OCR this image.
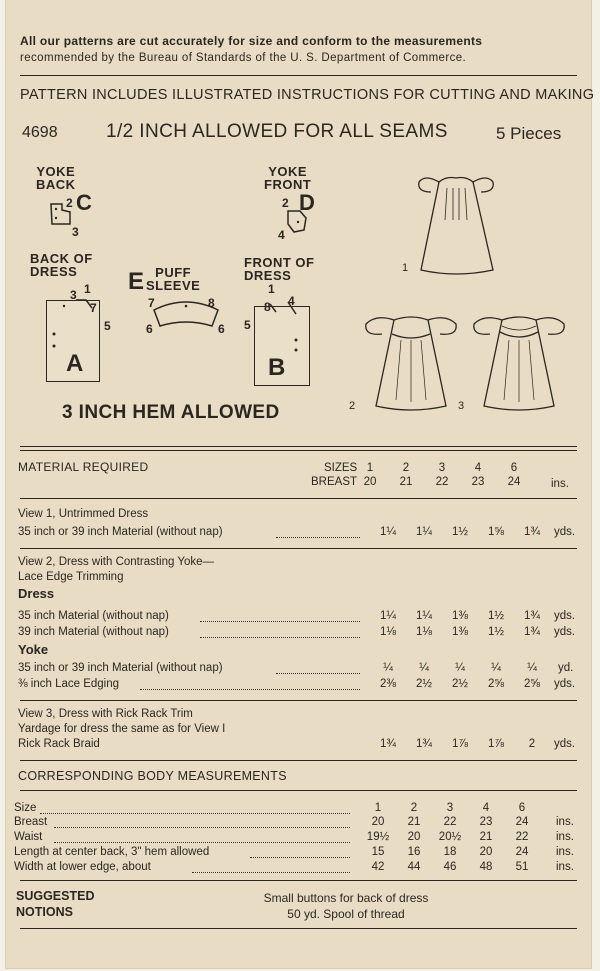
All our patterns are cut accurately for size and conform to the measurements
recommended by the Bureau of Standards of the U. S. Department of Commerce.
PATTERN INCLUDES ILLUSTRATED INSTRUCTIONS FOR CUTTING AND MAKING
4698	1/2 INCH ALLOWED FOR ALL SEAMS	5 Pieces
YOKE
BACK
2 C
3
YOKE
FRONT
2 D
4
BACK OF
DRESS
3 1
7
5
A
E PUFF
SLEEVE
7	8
6	6
FRONT OF
DRESS
1
8 4
5
B
1
2	3
3 INCH HEM ALLOWED
MATERIAL REQUIRED	SIZES
BREAST
1	2	3	4	6
20	21	22	23	24	ins.
View 1, Untrimmed Dress
35 inch or 39 inch Material (without nap)	1¼	1¼	1½	1⅝	1¾	yds.
View 2, Dress with Contrasting Yoke—
Lace Edge Trimming
Dress
35 inch Material (without nap)	1¼	1¼	1⅜	1½	1¾	yds.
39 inch Material (without nap)	1⅛	1⅛	1⅜	1½	1¾	yds.
Yoke
35 inch or 39 inch Material (without nap)	¼	¼	¼	¼	¼	yd.
⅜ inch Lace Edging	2⅜	2½	2½	2⅝	2⅝	yds.
View 3, Dress with Rick Rack Trim
Yardage for dress the same as for View I
Rick Rack Braid	1¾	1¾	1⅞	1⅞	2	yds.
CORRESPONDING BODY MEASUREMENTS
Size	1	2	3	4	6
Breast	20	21	22	23	24	ins.
Waist	19½	20	20½	21	22	ins.
Length at center back, 3" hem allowed	15	16	18	20	24	ins.
Width at lower edge, about	42	44	46	48	51	ins.
SUGGESTED
NOTIONS
Small buttons for back of dress
50 yd. Spool of thread
